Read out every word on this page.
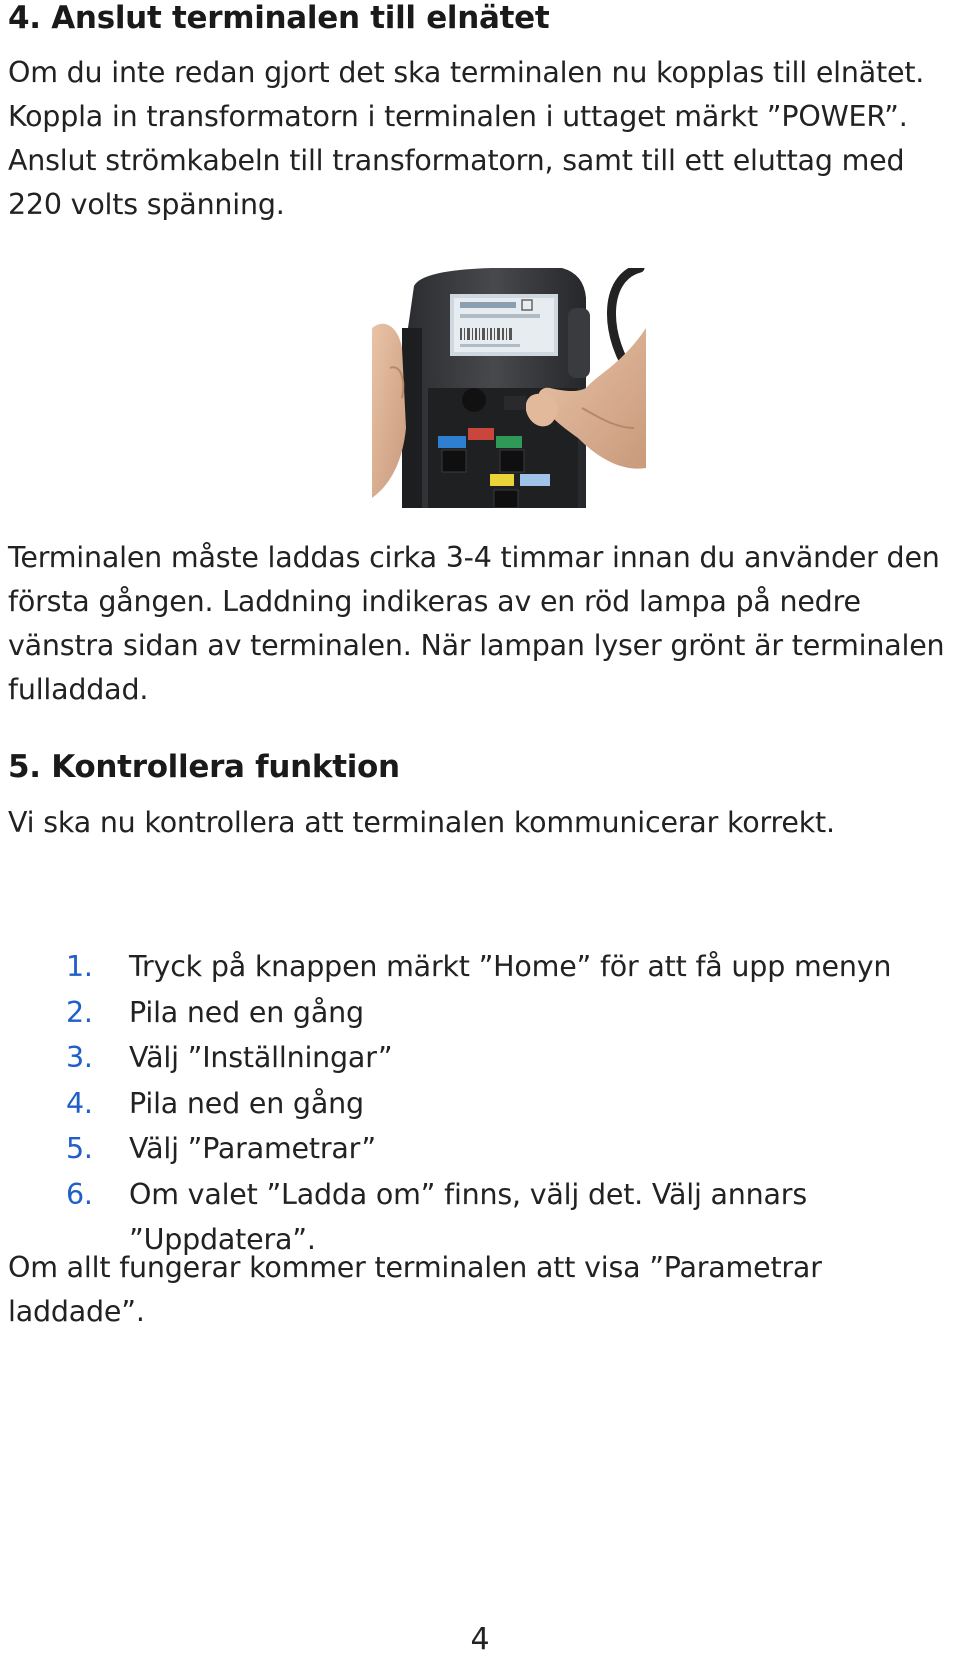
4. Anslut terminalen till elnätet
Om du inte redan gjort det ska terminalen nu kopplas till elnätet. Koppla in transformatorn i terminalen i uttaget märkt ”POWER”. Anslut strömkabeln till transformatorn, samt till ett eluttag med 220 volts spänning.
Terminalen måste laddas cirka 3-4 timmar innan du använder den första gången. Laddning indikeras av en röd lampa på nedre vänstra sidan av terminalen. När lampan lyser grönt är terminalen fulladdad.
5. Kontrollera funktion
Vi ska nu kontrollera att terminalen kommunicerar korrekt.
1. Tryck på knappen märkt ”Home” för att få upp menyn
2. Pila ned en gång
3. Välj ”Inställningar”
4. Pila ned en gång
5. Välj ”Parametrar”
6. Om valet ”Ladda om” finns, välj det. Välj annars ”Uppdatera”.
Om allt fungerar kommer terminalen att visa ”Parametrar laddade”.
4
